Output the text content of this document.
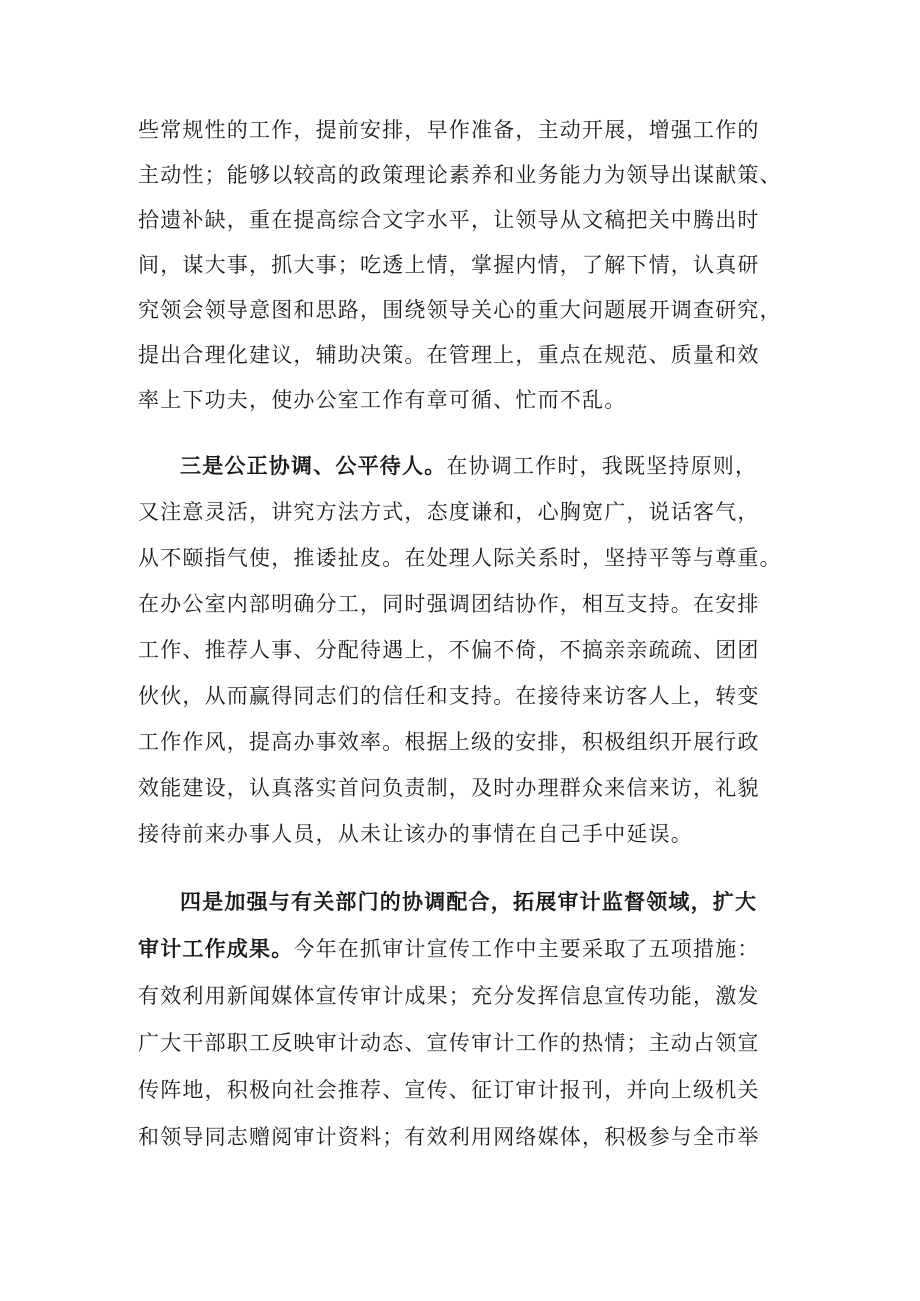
些常规性的工作，提前安排，早作准备，主动开展，增强工作的
主动性；能够以较高的政策理论素养和业务能力为领导出谋献策、
拾遗补缺，重在提高综合文字水平，让领导从文稿把关中腾出时
间，谋大事，抓大事；吃透上情，掌握内情，了解下情，认真研
究领会领导意图和思路，围绕领导关心的重大问题展开调查研究，
提出合理化建议，辅助决策。在管理上，重点在规范、质量和效
率上下功夫，使办公室工作有章可循、忙而不乱。
三是公正协调、公平待人。在协调工作时，我既坚持原则，
又注意灵活，讲究方法方式，态度谦和，心胸宽广，说话客气，
从不颐指气使，推诿扯皮。在处理人际关系时，坚持平等与尊重。
在办公室内部明确分工，同时强调团结协作，相互支持。在安排
工作、推荐人事、分配待遇上，不偏不倚，不搞亲亲疏疏、团团
伙伙，从而赢得同志们的信任和支持。在接待来访客人上，转变
工作作风，提高办事效率。根据上级的安排，积极组织开展行政
效能建设，认真落实首问负责制，及时办理群众来信来访，礼貌
接待前来办事人员，从未让该办的事情在自己手中延误。
四是加强与有关部门的协调配合，拓展审计监督领域，扩大
审计工作成果。今年在抓审计宣传工作中主要采取了五项措施：
有效利用新闻媒体宣传审计成果；充分发挥信息宣传功能，激发
广大干部职工反映审计动态、宣传审计工作的热情；主动占领宣
传阵地，积极向社会推荐、宣传、征订审计报刊，并向上级机关
和领导同志赠阅审计资料；有效利用网络媒体，积极参与全市举
